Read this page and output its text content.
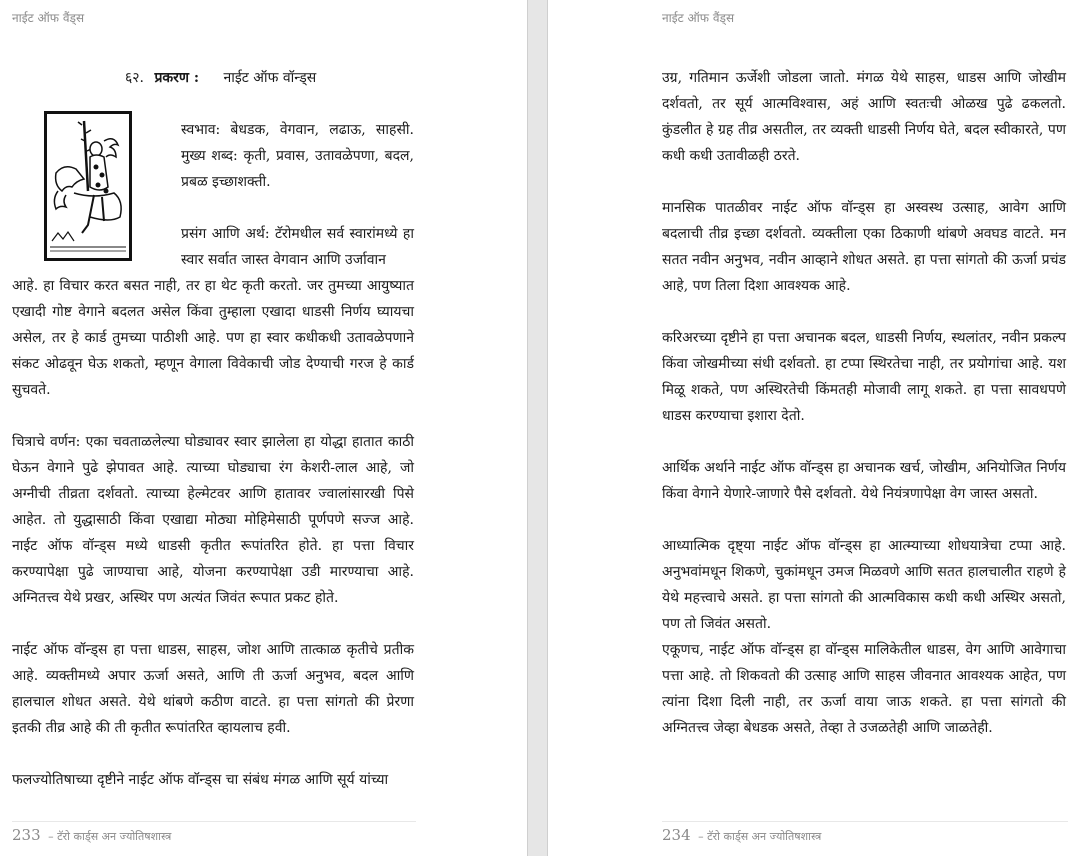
नाईट ऑफ वैंड्स
६२. प्रकरण : नाईट ऑफ वॉन्ड्स

स्वभाव: बेधडक, वेगवान, लढाऊ, साहसी. मुख्य शब्द: कृती, प्रवास, उतावळेपणा, बदल, प्रबळ इच्छाशक्ती.

प्रसंग आणि अर्थ: टॅरोमधील सर्व स्वारांमध्ये हा स्वार सर्वात जास्त वेगवान आणि उर्जावान

आहे. हा विचार करत बसत नाही, तर हा थेट कृती करतो. जर तुमच्या आयुष्यात एखादी गोष्ट वेगाने बदलत असेल किंवा तुम्हाला एखादा धाडसी निर्णय घ्यायचा असेल, तर हे कार्ड तुमच्या पाठीशी आहे. पण हा स्वार कधीकधी उतावळेपणाने संकट ओढवून घेऊ शकतो, म्हणून वेगाला विवेकाची जोड देण्याची गरज हे कार्ड सुचवते.

चित्राचे वर्णन: एका चवताळलेल्या घोड्यावर स्वार झालेला हा योद्धा हातात काठी घेऊन वेगाने पुढे झेपावत आहे. त्याच्या घोड्याचा रंग केशरी-लाल आहे, जो अग्नीची तीव्रता दर्शवतो. त्याच्या हेल्मेटवर आणि हातावर ज्वालांसारखी पिसे आहेत. तो युद्धासाठी किंवा एखाद्या मोठ्या मोहिमेसाठी पूर्णपणे सज्ज आहे. नाईट ऑफ वॉन्ड्स मध्ये धाडसी कृतीत रूपांतरित होते. हा पत्ता विचार करण्यापेक्षा पुढे जाण्याचा आहे, योजना करण्यापेक्षा उडी मारण्याचा आहे. अग्नितत्त्व येथे प्रखर, अस्थिर पण अत्यंत जिवंत रूपात प्रकट होते.

नाईट ऑफ वॉन्ड्स हा पत्ता धाडस, साहस, जोश आणि तात्काळ कृतीचे प्रतीक आहे. व्यक्तीमध्ये अपार ऊर्जा असते, आणि ती ऊर्जा अनुभव, बदल आणि हालचाल शोधत असते. येथे थांबणे कठीण वाटते. हा पत्ता सांगतो की प्रेरणा इतकी तीव्र आहे की ती कृतीत रूपांतरित व्हायलाच हवी.

फलज्योतिषाच्या दृष्टीने नाईट ऑफ वॉन्ड्स चा संबंध मंगळ आणि सूर्य यांच्या

233 – टॅरो कार्ड्स अन ज्योतिषशास्त्र
नाईट ऑफ वैंड्स

उग्र, गतिमान ऊर्जेशी जोडला जातो. मंगळ येथे साहस, धाडस आणि जोखीम दर्शवतो, तर सूर्य आत्मविश्वास, अहं आणि स्वतःची ओळख पुढे ढकलतो. कुंडलीत हे ग्रह तीव्र असतील, तर व्यक्ती धाडसी निर्णय घेते, बदल स्वीकारते, पण कधी कधी उतावीळही ठरते.

मानसिक पातळीवर नाईट ऑफ वॉन्ड्स हा अस्वस्थ उत्साह, आवेग आणि बदलाची तीव्र इच्छा दर्शवतो. व्यक्तीला एका ठिकाणी थांबणे अवघड वाटते. मन सतत नवीन अनुभव, नवीन आव्हाने शोधत असते. हा पत्ता सांगतो की ऊर्जा प्रचंड आहे, पण तिला दिशा आवश्यक आहे.

करिअरच्या दृष्टीने हा पत्ता अचानक बदल, धाडसी निर्णय, स्थलांतर, नवीन प्रकल्प किंवा जोखमीच्या संधी दर्शवतो. हा टप्पा स्थिरतेचा नाही, तर प्रयोगांचा आहे. यश मिळू शकते, पण अस्थिरतेची किंमतही मोजावी लागू शकते. हा पत्ता सावधपणे धाडस करण्याचा इशारा देतो.

आर्थिक अर्थाने नाईट ऑफ वॉन्ड्स हा अचानक खर्च, जोखीम, अनियोजित निर्णय किंवा वेगाने येणारे-जाणारे पैसे दर्शवतो. येथे नियंत्रणापेक्षा वेग जास्त असतो.

आध्यात्मिक दृष्ट्या नाईट ऑफ वॉन्ड्स हा आत्म्याच्या शोधयात्रेचा टप्पा आहे. अनुभवांमधून शिकणे, चुकांमधून उमज मिळवणे आणि सतत हालचालीत राहणे हे येथे महत्त्वाचे असते. हा पत्ता सांगतो की आत्मविकास कधी कधी अस्थिर असतो, पण तो जिवंत असतो.

एकूणच, नाईट ऑफ वॉन्ड्स हा वॉन्ड्स मालिकेतील धाडस, वेग आणि आवेगाचा पत्ता आहे. तो शिकवतो की उत्साह आणि साहस जीवनात आवश्यक आहेत, पण त्यांना दिशा दिली नाही, तर ऊर्जा वाया जाऊ शकते. हा पत्ता सांगतो की अग्नितत्त्व जेव्हा बेधडक असते, तेव्हा ते उजळतेही आणि जाळतेही.

234 – टॅरो कार्ड्स अन ज्योतिषशास्त्र
